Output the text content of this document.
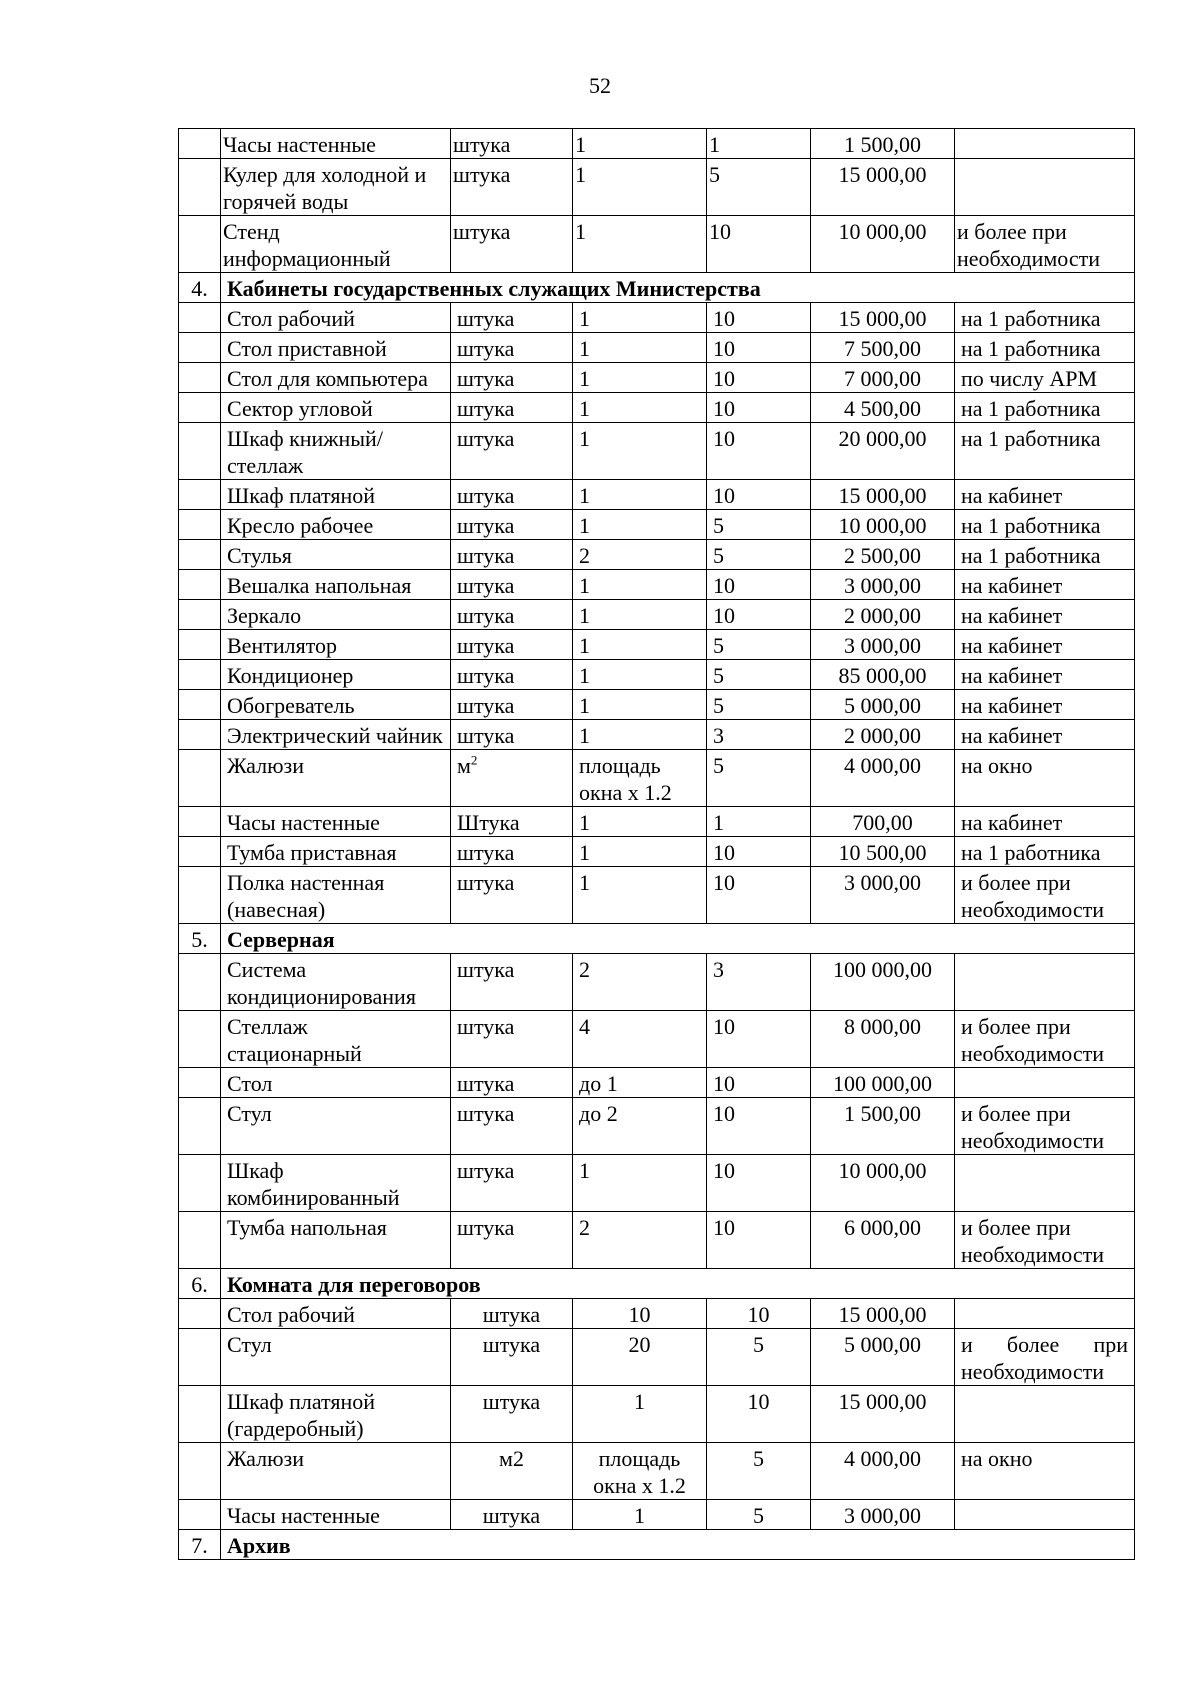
52
	Часы настенные	штука	1	1	1 500,00	
	Кулер для холодной и горячей воды	штука	1	5	15 000,00	
	Стенд информационный	штука	1	10	10 000,00	и более при необходимости
4.	Кабинеты государственных служащих Министерства					
	Стол рабочий	штука	1	10	15 000,00	на 1 работника
	Стол приставной	штука	1	10	7 500,00	на 1 работника
	Стол для компьютера	штука	1	10	7 000,00	по числу АРМ
	Сектор угловой	штука	1	10	4 500,00	на 1 работника
	Шкаф книжный/стеллаж	штука	1	10	20 000,00	на 1 работника
	Шкаф платяной	штука	1	10	15 000,00	на кабинет
	Кресло рабочее	штука	1	5	10 000,00	на 1 работника
	Стулья	штука	2	5	2 500,00	на 1 работника
	Вешалка напольная	штука	1	10	3 000,00	на кабинет
	Зеркало	штука	1	10	2 000,00	на кабинет
	Вентилятор	штука	1	5	3 000,00	на кабинет
	Кондиционер	штука	1	5	85 000,00	на кабинет
	Обогреватель	штука	1	5	5 000,00	на кабинет
	Электрический чайник	штука	1	3	2 000,00	на кабинет
	Жалюзи	$м^2$	площадь окна х 1.2	5	4 000,00	на окно
	Часы настенные	Штука	1	1	700,00	на кабинет
	Тумба приставная	штука	1	10	10 500,00	на 1 работника
	Полка настенная (навесная)	штука	1	10	3 000,00	и более при необходимости
5.	Серверная					
	Система кондиционирования	штука	2	3	100 000,00	
	Стеллаж стационарный	штука	4	10	8 000,00	и более при необходимости
	Стол	штука	до 1	10	100 000,00	
	Стул	штука	до 2	10	1 500,00	и более при необходимости
	Шкаф комбинированный	штука	1	10	10 000,00	
	Тумба напольная	штука	2	10	6 000,00	и более при необходимости
6.	Комната для переговоров					
	Стол рабочий	штука	10	10	15 000,00	
	Стул	штука	20	5	5 000,00	и более при необходимости

	Шкаф платяной (гардеробный)	штука	1	10	15 000,00	
	Жалюзи	м2	площадь окна х 1.2	5	4 000,00	на окно
	Часы настенные	штука	1	5	3 000,00	
7.	Архив					
